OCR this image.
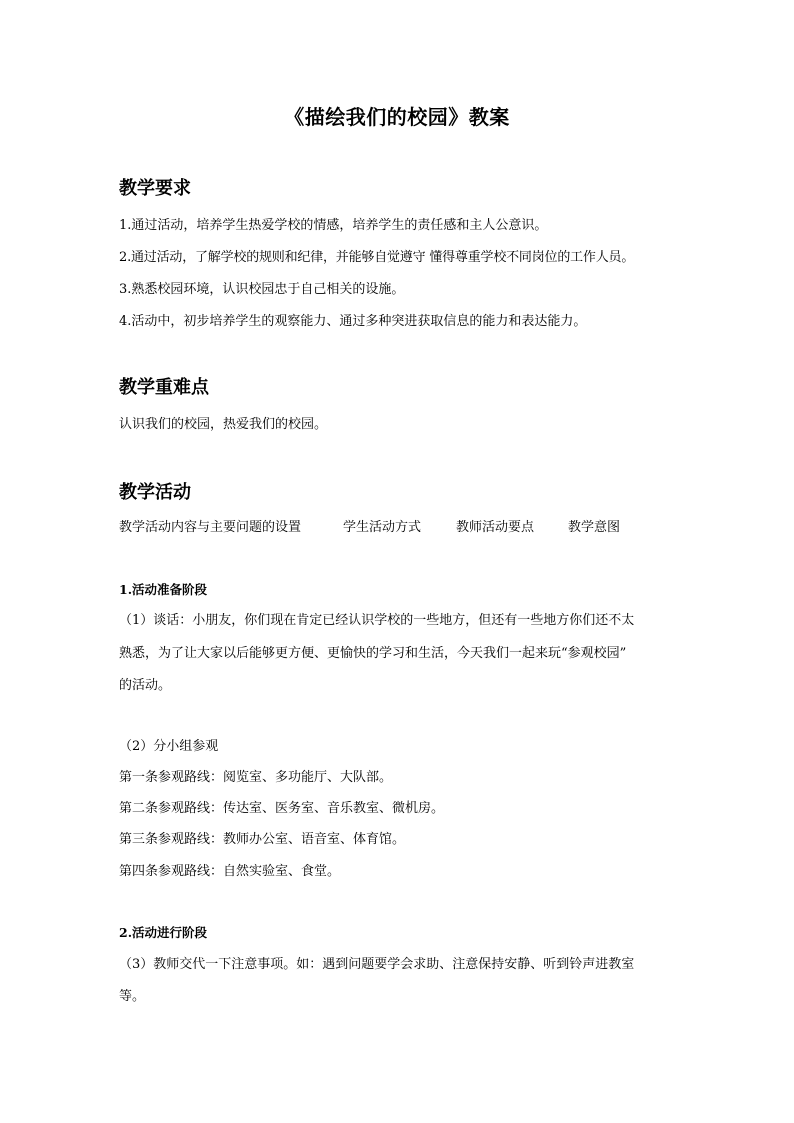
《描绘我们的校园》教案
教学要求
1.通过活动，培养学生热爱学校的情感，培养学生的责任感和主人公意识。
2.通过活动，了解学校的规则和纪律，并能够自觉遵守 懂得尊重学校不同岗位的工作人员。
3.熟悉校园环境，认识校园忠于自己相关的设施。
4.活动中，初步培养学生的观察能力、通过多种突进获取信息的能力和表达能力。
教学重难点
认识我们的校园，热爱我们的校园。
教学活动
教学活动内容与主要问题的设置	学生活动方式	教师活动要点	教学意图
1.活动准备阶段
（1）谈话：小朋友，你们现在肯定已经认识学校的一些地方，但还有一些地方你们还不太
熟悉，为了让大家以后能够更方便、更愉快的学习和生活，今天我们一起来玩“参观校园”
的活动。
（2）分小组参观
第一条参观路线：阅览室、多功能厅、大队部。
第二条参观路线：传达室、医务室、音乐教室、微机房。
第三条参观路线：教师办公室、语音室、体育馆。
第四条参观路线：自然实验室、食堂。
2.活动进行阶段
（3）教师交代一下注意事项。如：遇到问题要学会求助、注意保持安静、听到铃声进教室
等。
